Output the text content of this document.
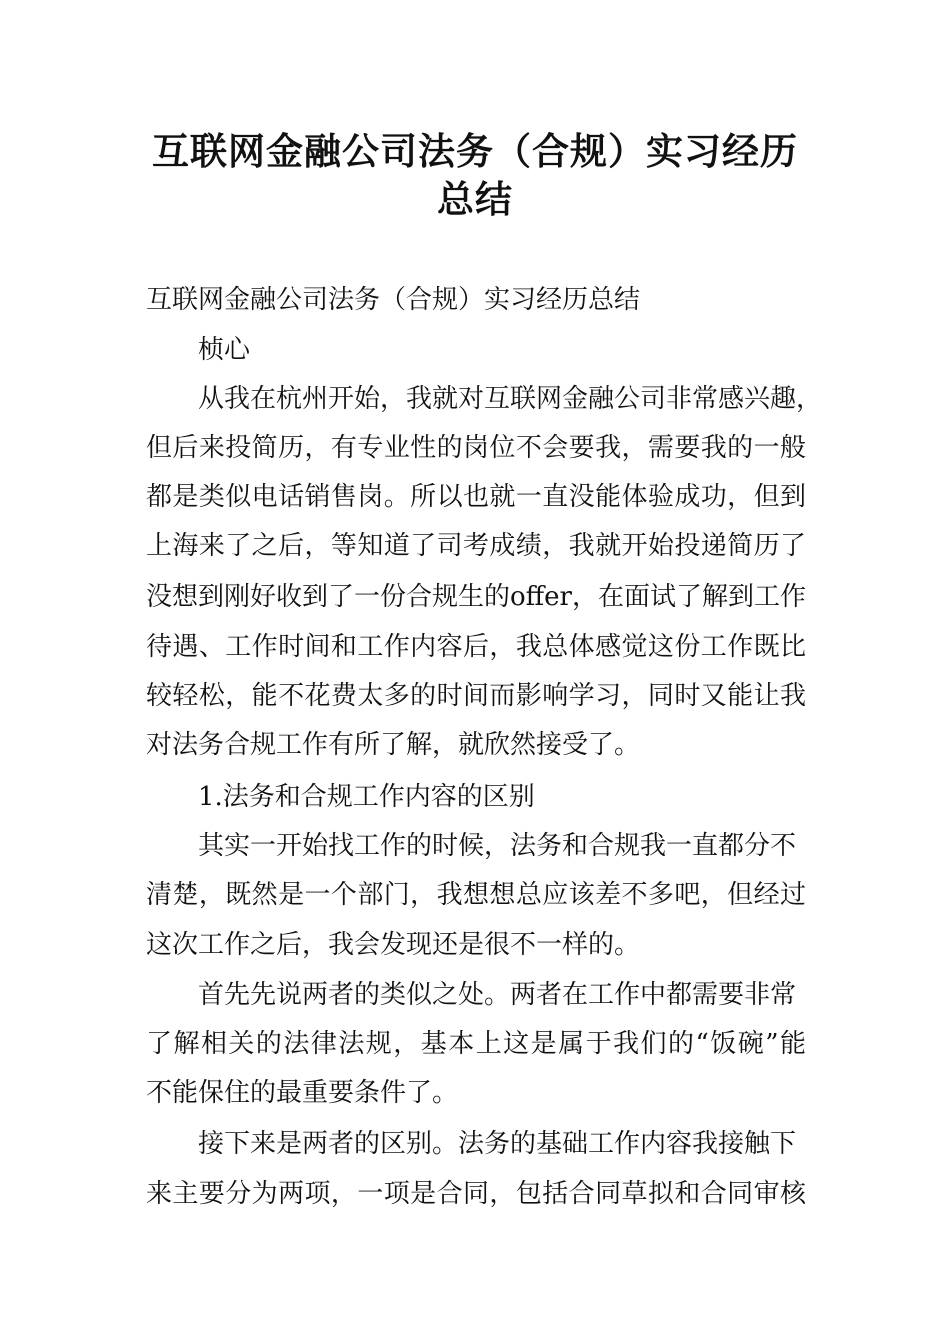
互联网金融公司法务（合规）实习经历
总结

互联网金融公司法务（合规）实习经历总结

桢心

从我在杭州开始，我就对互联网金融公司非常感兴趣，

但后来投简历，有专业性的岗位不会要我，需要我的一般

都是类似电话销售岗。所以也就一直没能体验成功，但到

上海来了之后，等知道了司考成绩，我就开始投递简历了

没想到刚好收到了一份合规生的offer，在面试了解到工作

待遇、工作时间和工作内容后，我总体感觉这份工作既比

较轻松，能不花费太多的时间而影响学习，同时又能让我

对法务合规工作有所了解，就欣然接受了。

1.法务和合规工作内容的区别

其实一开始找工作的时候，法务和合规我一直都分不

清楚，既然是一个部门，我想想总应该差不多吧，但经过

这次工作之后，我会发现还是很不一样的。

首先先说两者的类似之处。两者在工作中都需要非常

了解相关的法律法规，基本上这是属于我们的“饭碗”能

不能保住的最重要条件了。

接下来是两者的区别。法务的基础工作内容我接触下

来主要分为两项，一项是合同，包括合同草拟和合同审核
